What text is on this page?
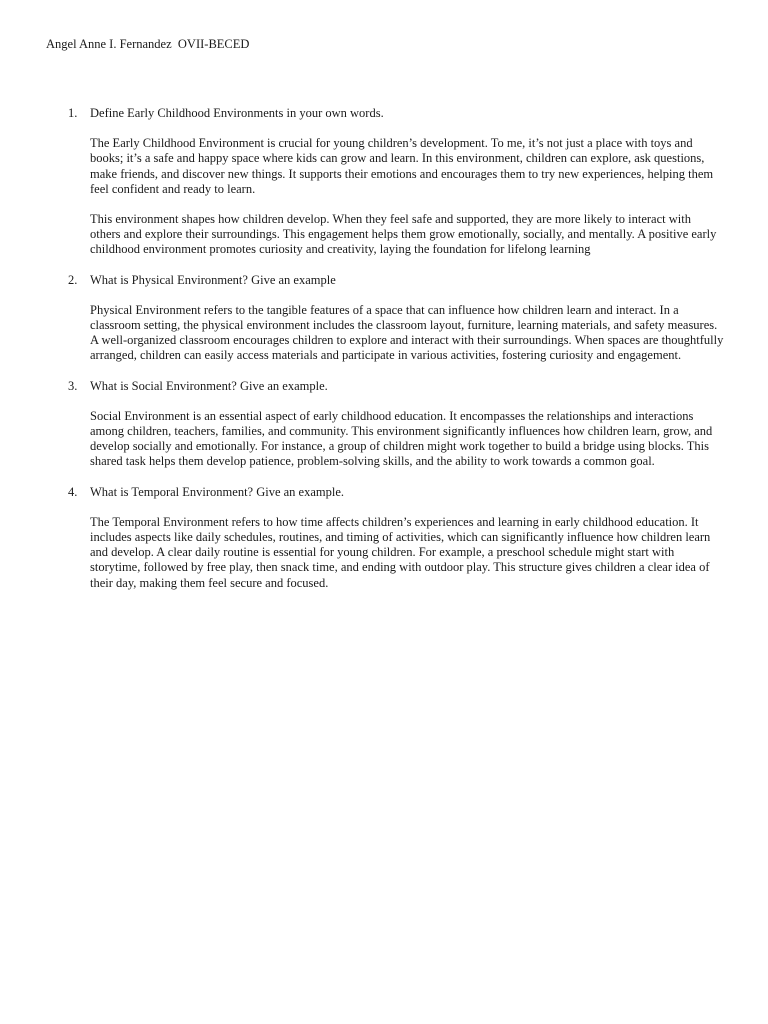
Angel Anne I. Fernandez  OVII-BECED
1. Define Early Childhood Environments in your own words.

The Early Childhood Environment is crucial for young children’s development. To me, it’s not just a place with toys and books; it’s a safe and happy space where kids can grow and learn. In this environment, children can explore, ask questions, make friends, and discover new things. It supports their emotions and encourages them to try new experiences, helping them feel confident and ready to learn.

This environment shapes how children develop. When they feel safe and supported, they are more likely to interact with others and explore their surroundings. This engagement helps them grow emotionally, socially, and mentally. A positive early childhood environment promotes curiosity and creativity, laying the foundation for lifelong learning

2. What is Physical Environment? Give an example

Physical Environment refers to the tangible features of a space that can influence how children learn and interact. In a classroom setting, the physical environment includes the classroom layout, furniture, learning materials, and safety measures. A well-organized classroom encourages children to explore and interact with their surroundings. When spaces are thoughtfully arranged, children can easily access materials and participate in various activities, fostering curiosity and engagement.

3. What is Social Environment? Give an example.

Social Environment is an essential aspect of early childhood education. It encompasses the relationships and interactions among children, teachers, families, and community. This environment significantly influences how children learn, grow, and develop socially and emotionally. For instance, a group of children might work together to build a bridge using blocks. This shared task helps them develop patience, problem-solving skills, and the ability to work towards a common goal.

4. What is Temporal Environment? Give an example.

The Temporal Environment refers to how time affects children’s experiences and learning in early childhood education. It includes aspects like daily schedules, routines, and timing of activities, which can significantly influence how children learn and develop. A clear daily routine is essential for young children. For example, a preschool schedule might start with storytime, followed by free play, then snack time, and ending with outdoor play. This structure gives children a clear idea of their day, making them feel secure and focused.
